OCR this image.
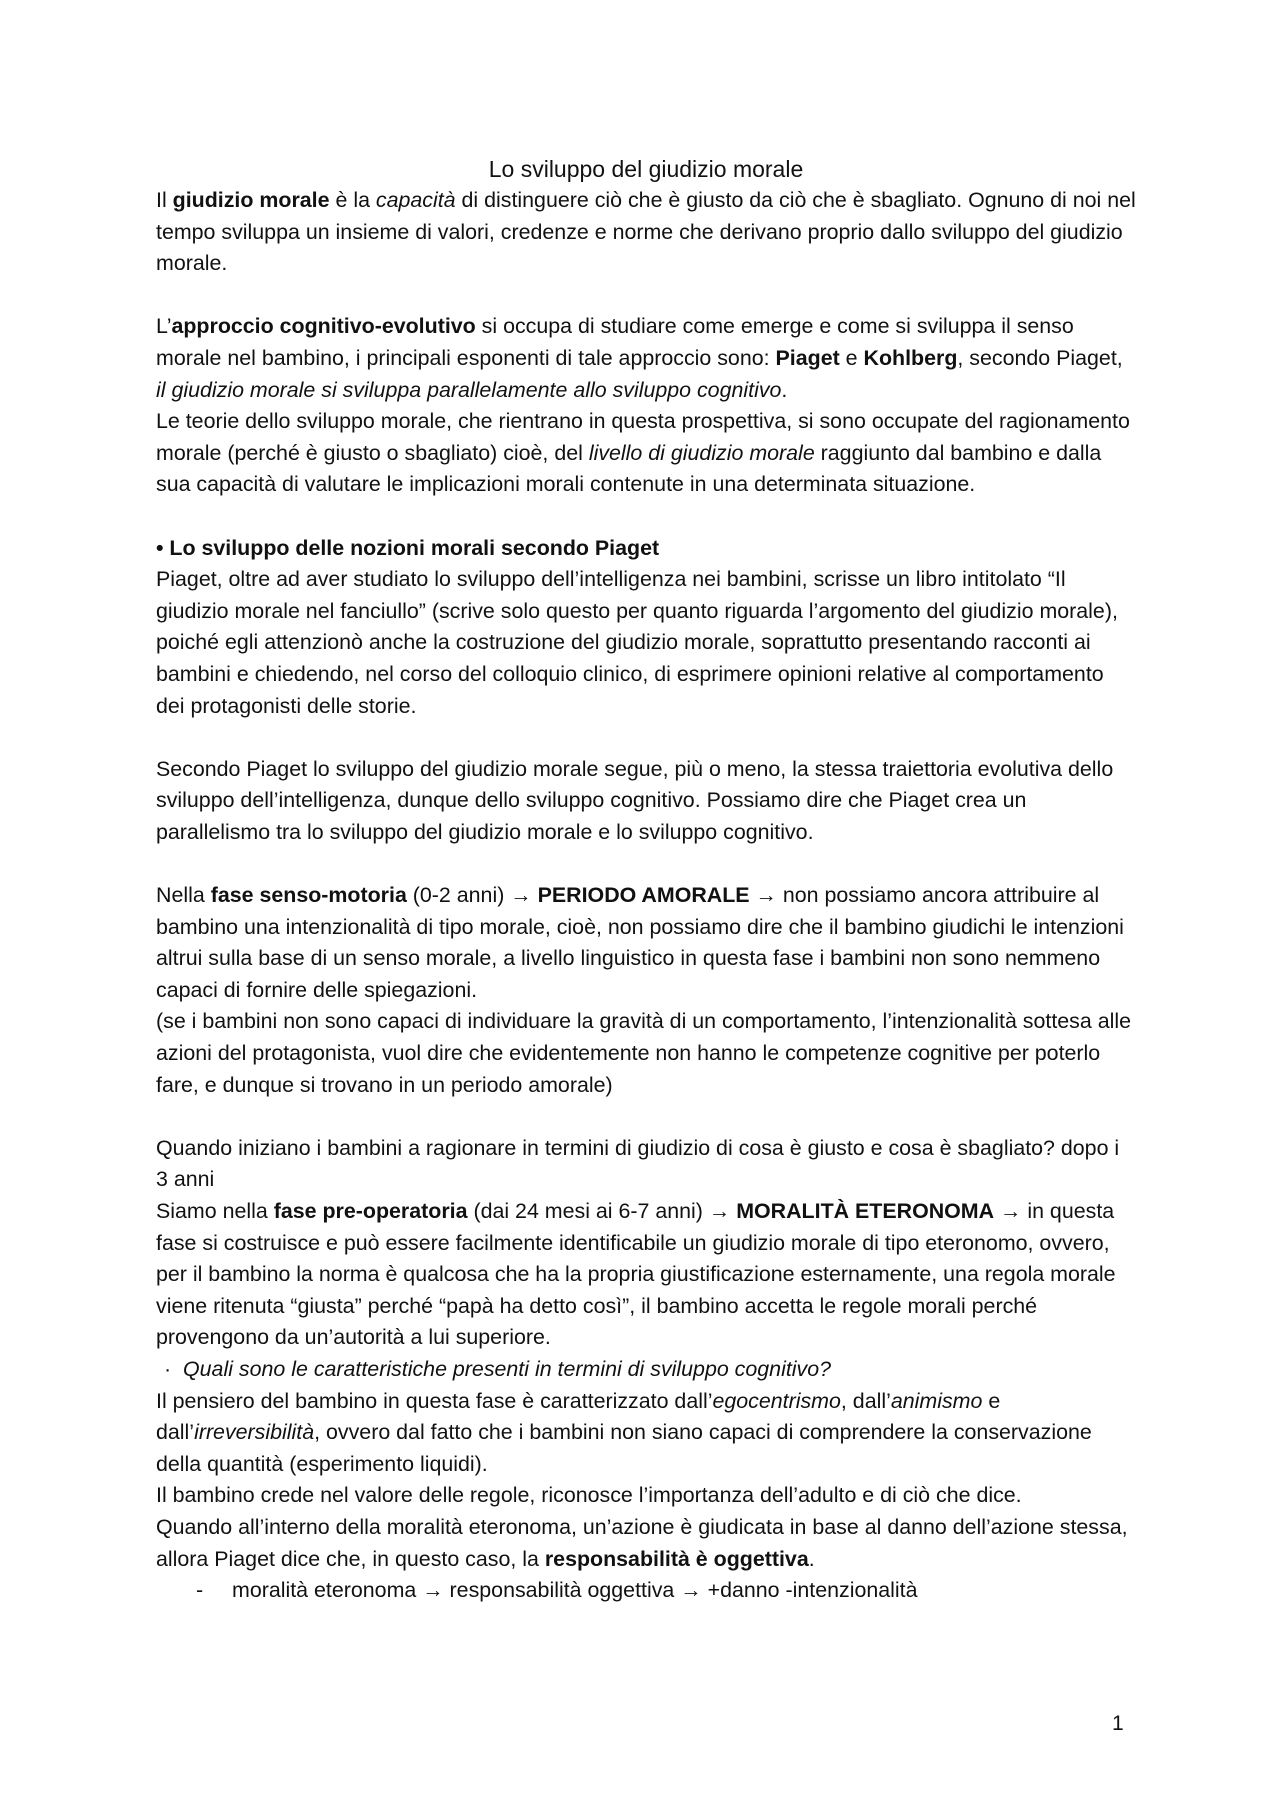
Lo sviluppo del giudizio morale

Il giudizio morale è la capacità di distinguere ciò che è giusto da ciò che è sbagliato. Ognuno di noi nel tempo sviluppa un insieme di valori, credenze e norme che derivano proprio dallo sviluppo del giudizio morale.

L’approccio cognitivo-evolutivo si occupa di studiare come emerge e come si sviluppa il senso morale nel bambino, i principali esponenti di tale approccio sono: Piaget e Kohlberg, secondo Piaget, il giudizio morale si sviluppa parallelamente allo sviluppo cognitivo.

Le teorie dello sviluppo morale, che rientrano in questa prospettiva, si sono occupate del ragionamento morale (perché è giusto o sbagliato) cioè, del livello di giudizio morale raggiunto dal bambino e dalla sua capacità di valutare le implicazioni morali contenute in una determinata situazione.

• Lo sviluppo delle nozioni morali secondo Piaget

Piaget, oltre ad aver studiato lo sviluppo dell’intelligenza nei bambini, scrisse un libro intitolato “Il giudizio morale nel fanciullo” (scrive solo questo per quanto riguarda l’argomento del giudizio morale), poiché egli attenzionò anche la costruzione del giudizio morale, soprattutto presentando racconti ai bambini e chiedendo, nel corso del colloquio clinico, di esprimere opinioni relative al comportamento dei protagonisti delle storie.

Secondo Piaget lo sviluppo del giudizio morale segue, più o meno, la stessa traiettoria evolutiva dello sviluppo dell’intelligenza, dunque dello sviluppo cognitivo. Possiamo dire che Piaget crea un parallelismo tra lo sviluppo del giudizio morale e lo sviluppo cognitivo.

Nella fase senso-motoria (0-2 anni) → PERIODO AMORALE → non possiamo ancora attribuire al bambino una intenzionalità di tipo morale, cioè, non possiamo dire che il bambino giudichi le intenzioni altrui sulla base di un senso morale, a livello linguistico in questa fase i bambini non sono nemmeno capaci di fornire delle spiegazioni.

(se i bambini non sono capaci di individuare la gravità di un comportamento, l’intenzionalità sottesa alle azioni del protagonista, vuol dire che evidentemente non hanno le competenze cognitive per poterlo fare, e dunque si trovano in un periodo amorale)

Quando iniziano i bambini a ragionare in termini di giudizio di cosa è giusto e cosa è sbagliato? dopo i 3 anni

Siamo nella fase pre-operatoria (dai 24 mesi ai 6-7 anni) → MORALITÀ ETERONOMA → in questa fase si costruisce e può essere facilmente identificabile un giudizio morale di tipo eteronomo, ovvero, per il bambino la norma è qualcosa che ha la propria giustificazione esternamente, una regola morale viene ritenuta “giusta” perché “papà ha detto così”, il bambino accetta le regole morali perché provengono da un’autorità a lui superiore.

· Quali sono le caratteristiche presenti in termini di sviluppo cognitivo?

Il pensiero del bambino in questa fase è caratterizzato dall’egocentrismo, dall’animismo e dall’irreversibilità, ovvero dal fatto che i bambini non siano capaci di comprendere la conservazione della quantità (esperimento liquidi).

Il bambino crede nel valore delle regole, riconosce l’importanza dell’adulto e di ciò che dice.

Quando all’interno della moralità eteronoma, un’azione è giudicata in base al danno dell’azione stessa, allora Piaget dice che, in questo caso, la responsabilità è oggettiva.

- moralità eteronoma → responsabilità oggettiva → +danno -intenzionalità

1
